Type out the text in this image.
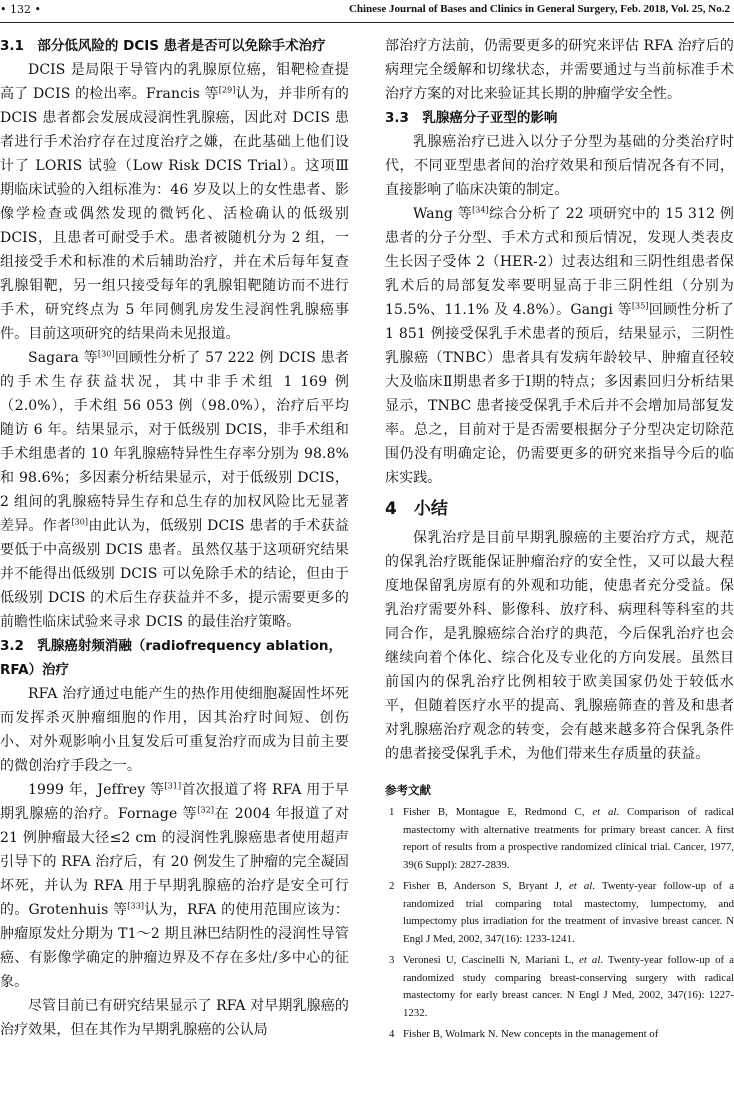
• 132 •	Chinese Journal of Bases and Clinics in General Surgery, Feb. 2018, Vol. 25, No.2

3.1　部分低风险的 DCIS 患者是否可以免除手术治疗

DCIS 是局限于导管内的乳腺原位癌，钼靶检查提高了 DCIS 的检出率。Francis 等[29]认为，并非所有的 DCIS 患者都会发展成浸润性乳腺癌，因此对 DCIS 患者进行手术治疗存在过度治疗之嫌，在此基础上他们设计了 LORIS 试验（Low Risk DCIS Trial）。这项Ⅲ期临床试验的入组标准为：46 岁及以上的女性患者、影像学检查或偶然发现的微钙化、活检确认的低级别 DCIS，且患者可耐受手术。患者被随机分为 2 组，一组接受手术和标准的术后辅助治疗，并在术后每年复查乳腺钼靶，另一组只接受每年的乳腺钼靶随访而不进行手术，研究终点为 5 年同侧乳房发生浸润性乳腺癌事件。目前这项研究的结果尚未见报道。

Sagara 等[30]回顾性分析了 57 222 例 DCIS 患者的手术生存获益状况，其中非手术组 1 169 例（2.0%），手术组 56 053 例（98.0%），治疗后平均随访 6 年。结果显示，对于低级别 DCIS，非手术组和手术组患者的 10 年乳腺癌特异性生存率分别为 98.8% 和 98.6%；多因素分析结果显示，对于低级别 DCIS，2 组间的乳腺癌特异生存和总生存的加权风险比无显著差异。作者[30]由此认为，低级别 DCIS 患者的手术获益要低于中高级别 DCIS 患者。虽然仅基于这项研究结果并不能得出低级别 DCIS 可以免除手术的结论，但由于低级别 DCIS 的术后生存获益并不多，提示需要更多的前瞻性临床试验来寻求 DCIS 的最佳治疗策略。

3.2　乳腺癌射频消融（radiofrequency ablation，RFA）治疗

RFA 治疗通过电能产生的热作用使细胞凝固性坏死而发挥杀灭肿瘤细胞的作用，因其治疗时间短、创伤小、对外观影响小且复发后可重复治疗而成为目前主要的微创治疗手段之一。

1999 年，Jeffrey 等[31]首次报道了将 RFA 用于早期乳腺癌的治疗。Fornage 等[32]在 2004 年报道了对 21 例肿瘤最大径≤2 cm 的浸润性乳腺癌患者使用超声引导下的 RFA 治疗后，有 20 例发生了肿瘤的完全凝固坏死，并认为 RFA 用于早期乳腺癌的治疗是安全可行的。Grotenhuis 等[33]认为，RFA 的使用范围应该为：肿瘤原发灶分期为 T1～2 期且淋巴结阴性的浸润性导管癌、有影像学确定的肿瘤边界及不存在多灶/多中心的征象。

尽管目前已有研究结果显示了 RFA 对早期乳腺癌的治疗效果，但在其作为早期乳腺癌的公认局

部治疗方法前，仍需要更多的研究来评估 RFA 治疗后的病理完全缓解和切缘状态，并需要通过与当前标准手术治疗方案的对比来验证其长期的肿瘤学安全性。

3.3　乳腺癌分子亚型的影响

乳腺癌治疗已进入以分子分型为基础的分类治疗时代，不同亚型患者间的治疗效果和预后情况各有不同，直接影响了临床决策的制定。

Wang 等[34]综合分析了 22 项研究中的 15 312 例患者的分子分型、手术方式和预后情况，发现人类表皮生长因子受体 2（HER-2）过表达组和三阴性组患者保乳术后的局部复发率要明显高于非三阴性组（分别为 15.5%、11.1% 及 4.8%）。Gangi 等[35]回顾性分析了 1 851 例接受保乳手术患者的预后，结果显示，三阴性乳腺癌（TNBC）患者具有发病年龄较早、肿瘤直径较大及临床Ⅱ期患者多于Ⅰ期的特点；多因素回归分析结果显示，TNBC 患者接受保乳手术后并不会增加局部复发率。总之，目前对于是否需要根据分子分型决定切除范围仍没有明确定论，仍需要更多的研究来指导今后的临床实践。

4　小结

保乳治疗是目前早期乳腺癌的主要治疗方式，规范的保乳治疗既能保证肿瘤治疗的安全性，又可以最大程度地保留乳房原有的外观和功能，使患者充分受益。保乳治疗需要外科、影像科、放疗科、病理科等科室的共同合作，是乳腺癌综合治疗的典范，今后保乳治疗也会继续向着个体化、综合化及专业化的方向发展。虽然目前国内的保乳治疗比例相较于欧美国家仍处于较低水平，但随着医疗水平的提高、乳腺癌筛查的普及和患者对乳腺癌治疗观念的转变，会有越来越多符合保乳条件的患者接受保乳手术，为他们带来生存质量的获益。

参考文献

1 Fisher B, Montague E, Redmond C, et al. Comparison of radical mastectomy with alternative treatments for primary breast cancer. A first report of results from a prospective randomized clinical trial. Cancer, 1977, 39(6 Suppl): 2827-2839.

2 Fisher B, Anderson S, Bryant J, et al. Twenty-year follow-up of a randomized trial comparing total mastectomy, lumpectomy, and lumpectomy plus irradiation for the treatment of invasive breast cancer. N Engl J Med, 2002, 347(16): 1233-1241.

3 Veronesi U, Cascinelli N, Mariani L, et al. Twenty-year follow-up of a randomized study comparing breast-conserving surgery with radical mastectomy for early breast cancer. N Engl J Med, 2002, 347(16): 1227-1232.

4 Fisher B, Wolmark N. New concepts in the management of
